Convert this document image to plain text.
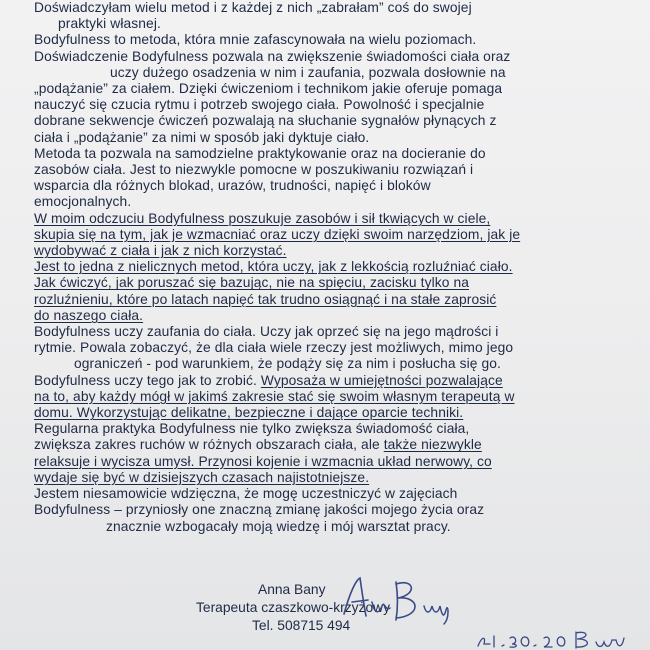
Doświadczyłam wielu metod i z każdej z nich „zabrałam” coś do swojej
praktyki własnej.
Bodyfulness to metoda, która mnie zafascynowała na wielu poziomach.
Doświadczenie Bodyfulness pozwala na zwiększenie świadomości ciała oraz
uczy dużego osadzenia w nim i zaufania, pozwala dosłownie na
„podążanie” za ciałem. Dzięki ćwiczeniom i technikom jakie oferuje pomaga
nauczyć się czucia rytmu i potrzeb swojego ciała. Powolność i specjalnie
dobrane sekwencje ćwiczeń pozwalają na słuchanie sygnałów płynących z
ciała i „podążanie” za nimi w sposób jaki dyktuje ciało.
Metoda ta pozwala na samodzielne praktykowanie oraz na docieranie do
zasobów ciała. Jest to niezwykle pomocne w poszukiwaniu rozwiązań i
wsparcia dla różnych blokad, urazów, trudności, napięć i bloków
emocjonalnych.
W moim odczuciu Bodyfulness poszukuje zasobów i sił tkwiących w ciele,
skupia się na tym, jak je wzmacniać oraz uczy dzięki swoim narzędziom, jak je
wydobywać z ciała i jak z nich korzystać.
Jest to jedna z nielicznych metod, która uczy, jak z lekkością rozluźniać ciało.
Jak ćwiczyć, jak poruszać się bazując, nie na spięciu, zacisku tylko na
rozluźnieniu, które po latach napięć tak trudno osiągnąć i na stałe zaprosić
do naszego ciała.
Bodyfulness uczy zaufania do ciała. Uczy jak oprzeć się na jego mądrości i
rytmie. Powala zobaczyć, że dla ciała wiele rzeczy jest możliwych, mimo jego
ograniczeń - pod warunkiem, że podąży się za nim i posłucha się go.
Bodyfulness uczy tego jak to zrobić. Wyposaża w umiejętności pozwalające
na to, aby każdy mógł w jakimś zakresie stać się swoim własnym terapeutą w
domu. Wykorzystując delikatne, bezpieczne i dające oparcie techniki.
Regularna praktyka Bodyfulness nie tylko zwiększa świadomość ciała,
zwiększa zakres ruchów w różnych obszarach ciała, ale także niezwykle
relaksuje i wycisza umysł. Przynosi kojenie i wzmacnia układ nerwowy, co
wydaje się być w dzisiejszych czasach najistotniejsze.
Jestem niesamowicie wdzięczna, że mogę uczestniczyć w zajęciach
Bodyfulness – przyniosły one znaczną zmianę jakości mojego życia oraz
znacznie wzbogacały moją wiedzę i mój warsztat pracy.
Anna Bany
Terapeuta czaszkowo-krzyżowy
Tel. 508715 494
